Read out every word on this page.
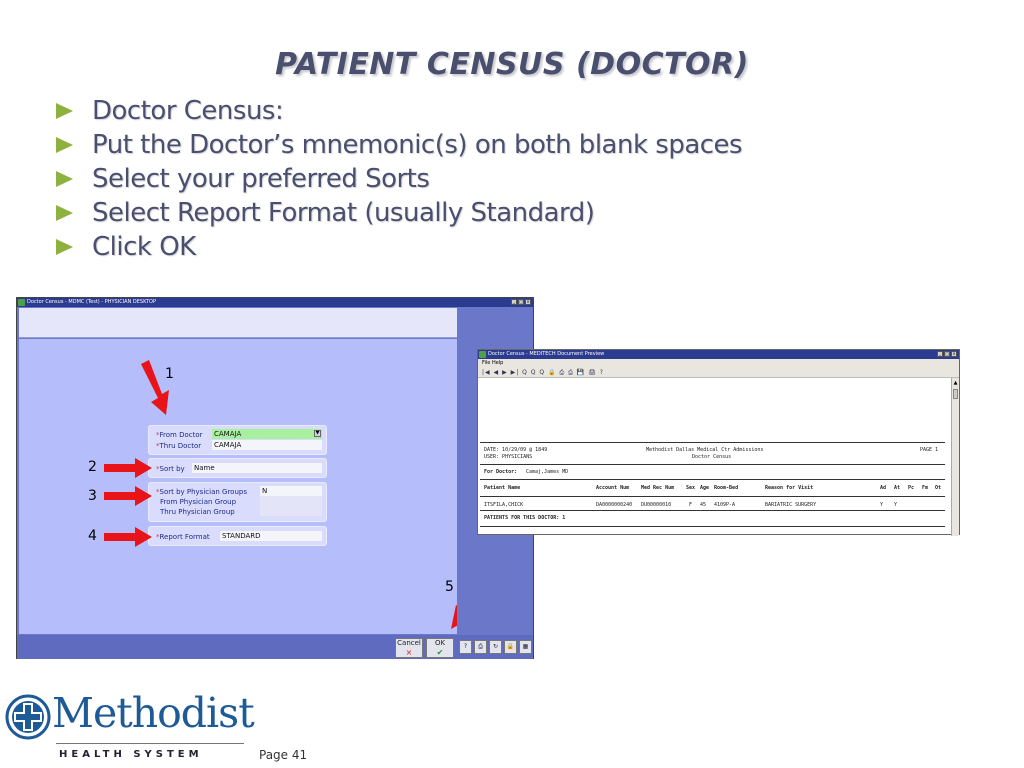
PATIENT CENSUS (DOCTOR)
Doctor Census:
Put the Doctor’s mnemonic(s) on both blank spaces
Select your preferred Sorts
Select Report Format (usually Standard)
Click OK
Doctor Census - MDMC (Test) - PHYSICIAN DESKTOP	_	□ ×
*From Doctor CAMAJA	▼
*Thru Doctor CAMAJA
*Sort by Name
*Sort by Physician Groups N
From Physician Group
Thru Physician Group
*Report Format STANDARD
1
2
3
4
5
Cancel
×
OK
✔
?	⎙	↻	🔒	▦
Doctor Census - MEDITECH Document Preview	_	□ ×
File Help
|◀ ◀ ▶ ▶| Q Q Q 🔒 ⎙ ⎙ 💾 🖨 ?
▲
DATE: 10/29/09 @ 1849
USER: PHYSICIANS
Methodist Dallas Medical Ctr Admissions
Doctor Census
PAGE 1
For Doctor: Camaj,James MD
Patient Name	Account Num Med Rec Num Sex Age Room-Bed	Reason for Visit	Ad At Pc Fm Ot
ITSFILA,CHICK	DA0000000240 DU00000010	F 45 4109P-A	BARIATRIC SURGERY	Y Y
PATIENTS FOR THIS DOCTOR: 1
Methodist
HEALTH SYSTEM	Page 41
